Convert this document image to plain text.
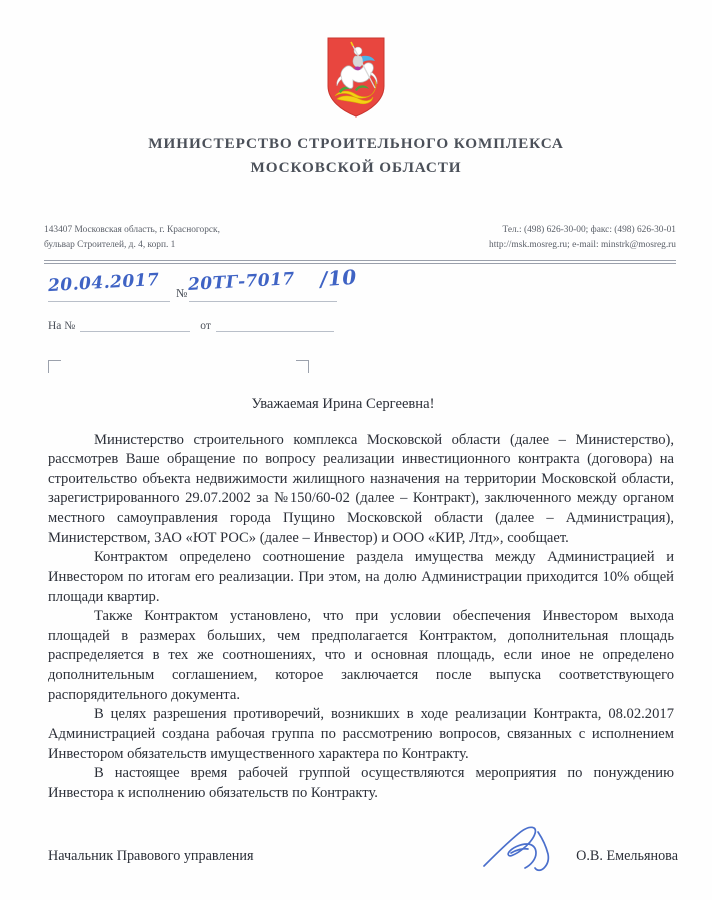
МИНИСТЕРСТВО СТРОИТЕЛЬНОГО КОМПЛЕКСА
МОСКОВСКОЙ ОБЛАСТИ
143407 Московская область, г. Красногорск,
бульвар Строителей, д. 4, корп. 1
Тел.: (498) 626-30-00; факс: (498) 626-30-01
http://msk.mosreg.ru; e-mail: minstrk@mosreg.ru
№
20.04.2017 20ТГ-7017 /10
На №	от
Уважаемая Ирина Сергеевна!

Министерство строительного комплекса Московской области (далее – Министерство), рассмотрев Ваше обращение по вопросу реализации инвестиционного контракта (договора) на строительство объекта недвижимости жилищного назначения на территории Московской области, зарегистрированного 29.07.2002 за №150/60-02 (далее – Контракт), заключенного между органом местного самоуправления города Пущино Московской области (далее – Администрация), Министерством, ЗАО «ЮТ РОС» (далее – Инвестор) и ООО «КИР, Лтд», сообщает.

Контрактом определено соотношение раздела имущества между Администрацией и Инвестором по итогам его реализации. При этом, на долю Администрации приходится 10% общей площади квартир.

Также Контрактом установлено, что при условии обеспечения Инвестором выхода площадей в размерах больших, чем предполагается Контрактом, дополнительная площадь распределяется в тех же соотношениях, что и основная площадь, если иное не определено дополнительным соглашением, которое заключается после выпуска соответствующего распорядительного документа.

В целях разрешения противоречий, возникших в ходе реализации Контракта, 08.02.2017 Администрацией создана рабочая группа по рассмотрению вопросов, связанных с исполнением Инвестором обязательств имущественного характера по Контракту.

В настоящее время рабочей группой осуществляются мероприятия по понуждению Инвестора к исполнению обязательств по Контракту.

Начальник Правового управления	О.В. Емельянова
